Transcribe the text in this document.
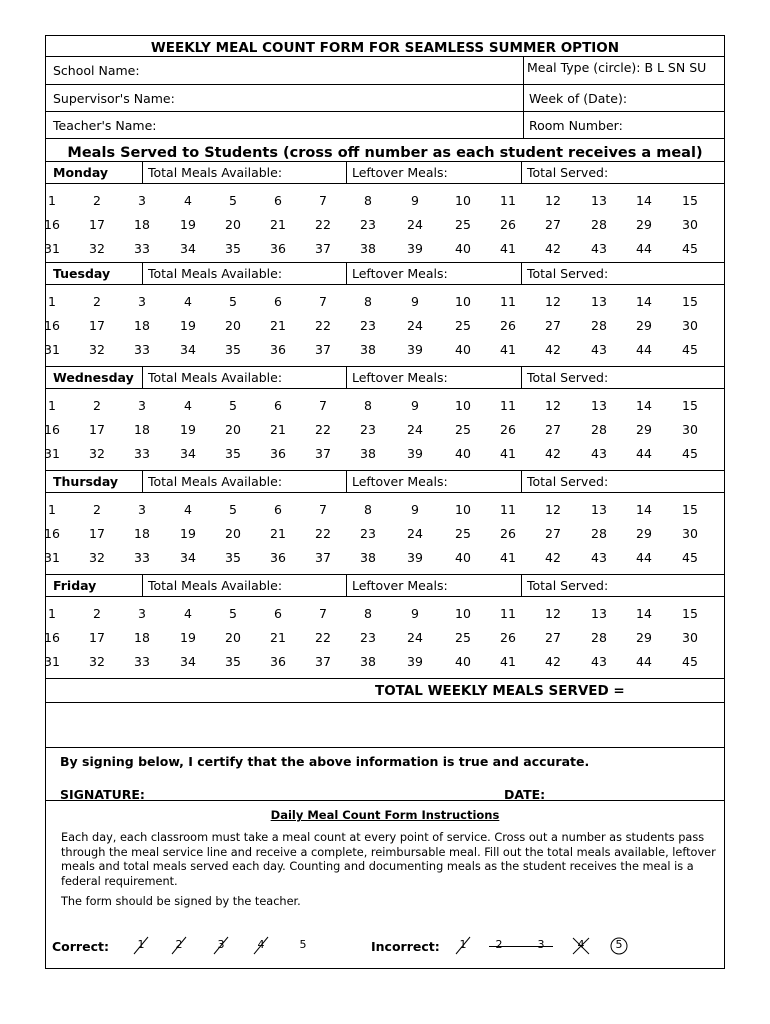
WEEKLY MEAL COUNT FORM FOR SEAMLESS SUMMER OPTION
School Name:	Meal Type (circle): B L SN SU
Supervisor's Name:	Week of (Date):
Teacher's Name:	Room Number:
Meals Served to Students (cross off number as each student receives a meal)
Monday	Total Meals Available:	Leftover Meals:	Total Served:
1	2	3	4	5	6	7	8	9	10	11	12	13	14	15
16	17	18	19	20	21	22	23	24	25	26	27	28	29	30
31	32	33	34	35	36	37	38	39	40	41	42	43	44	45
Tuesday	Total Meals Available:	Leftover Meals:	Total Served:
1	2	3	4	5	6	7	8	9	10	11	12	13	14	15
16	17	18	19	20	21	22	23	24	25	26	27	28	29	30
31	32	33	34	35	36	37	38	39	40	41	42	43	44	45
Wednesday Total Meals Available:	Leftover Meals:	Total Served:
1	2	3	4	5	6	7	8	9	10	11	12	13	14	15
16	17	18	19	20	21	22	23	24	25	26	27	28	29	30
31	32	33	34	35	36	37	38	39	40	41	42	43	44	45
Thursday Total Meals Available:	Leftover Meals:	Total Served:
1	2	3	4	5	6	7	8	9	10	11	12	13	14	15
16	17	18	19	20	21	22	23	24	25	26	27	28	29	30
31	32	33	34	35	36	37	38	39	40	41	42	43	44	45
Friday	Total Meals Available:	Leftover Meals:	Total Served:
1	2	3	4	5	6	7	8	9	10	11	12	13	14	15
16	17	18	19	20	21	22	23	24	25	26	27	28	29	30
31	32	33	34	35	36	37	38	39	40	41	42	43	44	45
TOTAL WEEKLY MEALS SERVED =
By signing below, I certify that the above information is true and accurate.
SIGNATURE:	DATE:
Daily Meal Count Form Instructions
Each day, each classroom must take a meal count at every point of service. Cross out a number as students pass through the meal service line and receive a complete, reimbursable meal. Fill out the total meals available, leftover meals and total meals served each day. Counting and documenting meals as the student receives the meal is a federal requirement.
The form should be signed by the teacher.
Correct:	Incorrect:
1	2	3	4	5	1	2	3	4	5
